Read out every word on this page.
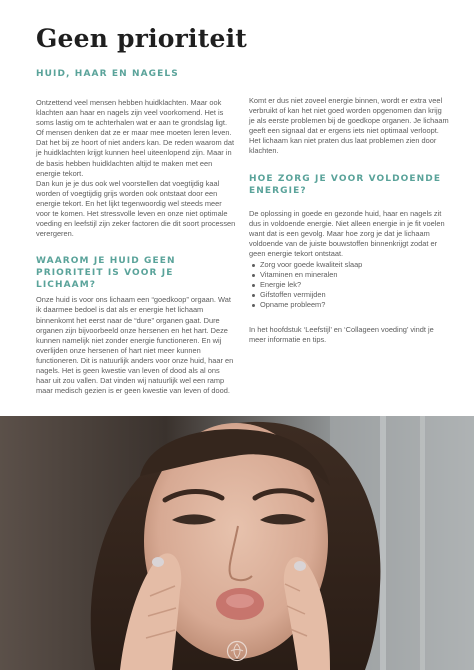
Geen prioriteit
HUID, HAAR EN NAGELS

Ontzettend veel mensen hebben huidklachten. Maar ook klachten aan haar en nagels zijn veel voorkomend. Het is soms lastig om te achterhalen wat er aan te grondslag ligt. Of mensen denken dat ze er maar mee moeten leren leven. Dat het bij ze hoort of niet anders kan. De reden waarom dat je huidklachten krijgt kunnen heel uiteenlopend zijn. Maar in de basis hebben huidklachten altijd te maken met een energie tekort.

Dan kun je je dus ook wel voorstellen dat voegtijdig kaal worden of voegtijdig grijs worden ook ontstaat door een energie tekort. En het lijkt tegenwoordig wel steeds meer voor te komen. Het stressvolle leven en onze niet optimale voeding en leefstijl zijn zeker factoren die dit soort processen verergeren.

WAAROM JE HUID GEEN PRIORITEIT IS VOOR JE LICHAAM?

Onze huid is voor ons lichaam een “goedkoop” orgaan. Wat ik daarmee bedoel is dat als er energie het lichaam binnenkomt het eerst naar de “dure” organen gaat. Dure organen zijn bijvoorbeeld onze hersenen en het hart. Deze kunnen namelijk niet zonder energie functioneren. En wij overlijden onze hersenen of hart niet meer kunnen functioneren. Dit is natuurlijk anders voor onze huid, haar en nagels. Het is geen kwestie van leven of dood als al ons haar uit zou vallen. Dat vinden wij natuurlijk wel een ramp maar medisch gezien is er geen kwestie van leven of dood.

Komt er dus niet zoveel energie binnen, wordt er extra veel verbruikt of kan het niet goed worden opgenomen dan krijg je als eerste problemen bij de goedkope organen. Je lichaam geeft een signaal dat er ergens iets niet optimaal verloopt. Het lichaam kan niet praten dus laat problemen zien door klachten.

HOE ZORG JE VOOR VOLDOENDE ENERGIE?

De oplossing in goede en gezonde huid, haar en nagels zit dus in voldoende energie. Niet alleen energie in je fit voelen want dat is een gevolg. Maar hoe zorg je dat je lichaam voldoende van de juiste bouwstoffen binnenkrijgt zodat er geen energie tekort ontstaat.

Zorg voor goede kwaliteit slaap
Vitaminen en mineralen
Energie lek?
Gifstoffen vermijden
Opname probleem?

In het hoofdstuk ‘Leefstijl’ en ‘Collageen voeding’ vindt je meer informatie en tips.
